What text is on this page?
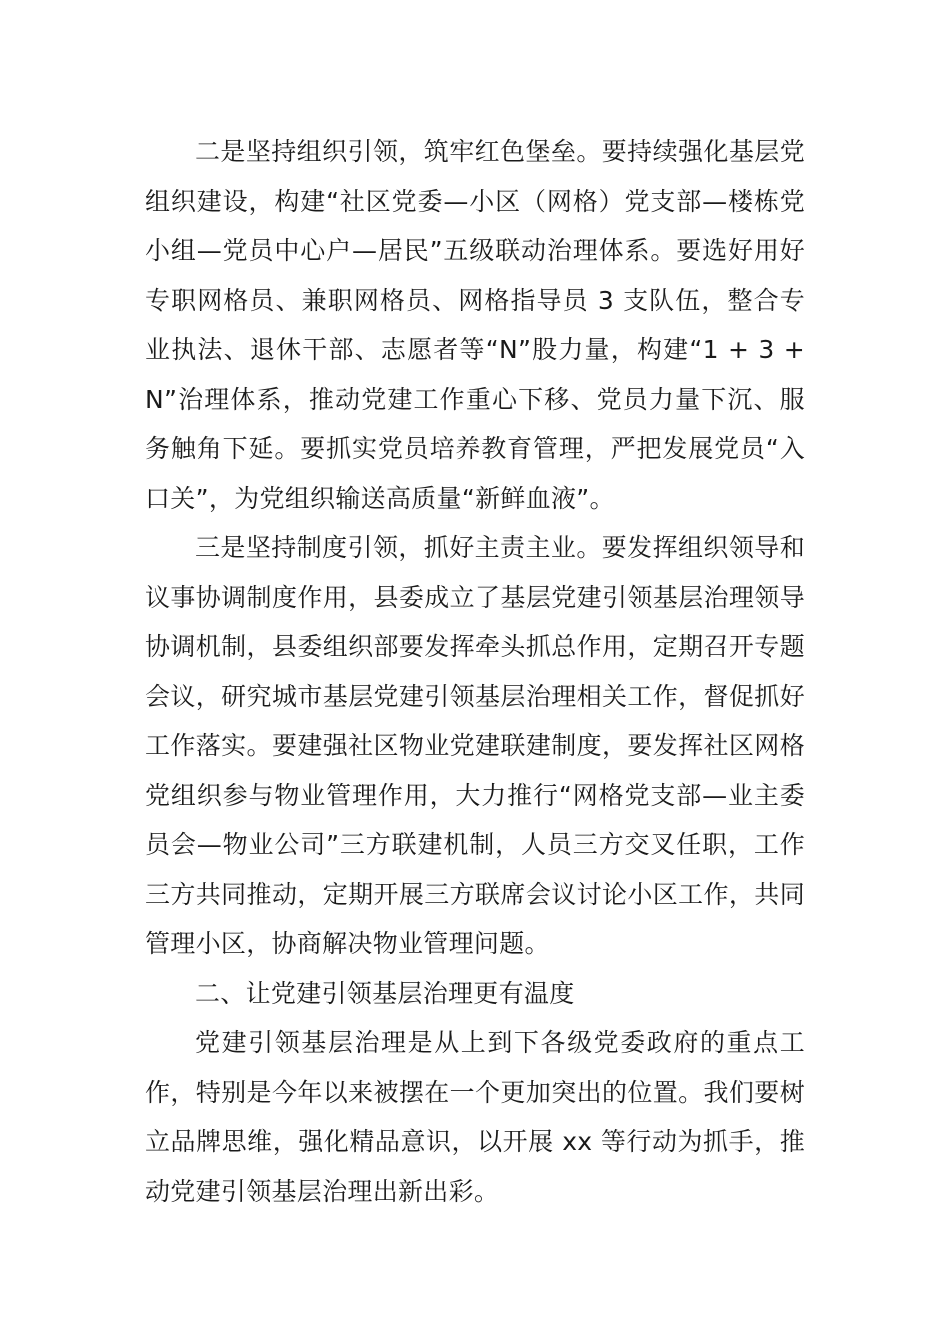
二是坚持组织引领，筑牢红色堡垒。要持续强化基层党组织建设，构建“社区党委—小区（网格）党支部—楼栋党小组—党员中心户—居民”五级联动治理体系。要选好用好专职网格员、兼职网格员、网格指导员 3 支队伍，整合专业执法、退休干部、志愿者等“N”股力量，构建“1 + 3 + N”治理体系，推动党建工作重心下移、党员力量下沉、服务触角下延。要抓实党员培养教育管理，严把发展党员“入口关”，为党组织输送高质量“新鲜血液”。

三是坚持制度引领，抓好主责主业。要发挥组织领导和议事协调制度作用，县委成立了基层党建引领基层治理领导协调机制，县委组织部要发挥牵头抓总作用，定期召开专题会议，研究城市基层党建引领基层治理相关工作，督促抓好工作落实。要建强社区物业党建联建制度，要发挥社区网格党组织参与物业管理作用，大力推行“网格党支部—业主委员会—物业公司”三方联建机制，人员三方交叉任职，工作三方共同推动，定期开展三方联席会议讨论小区工作，共同管理小区，协商解决物业管理问题。

二、让党建引领基层治理更有温度

党建引领基层治理是从上到下各级党委政府的重点工作，特别是今年以来被摆在一个更加突出的位置。我们要树立品牌思维，强化精品意识，以开展 xx 等行动为抓手，推动党建引领基层治理出新出彩。
